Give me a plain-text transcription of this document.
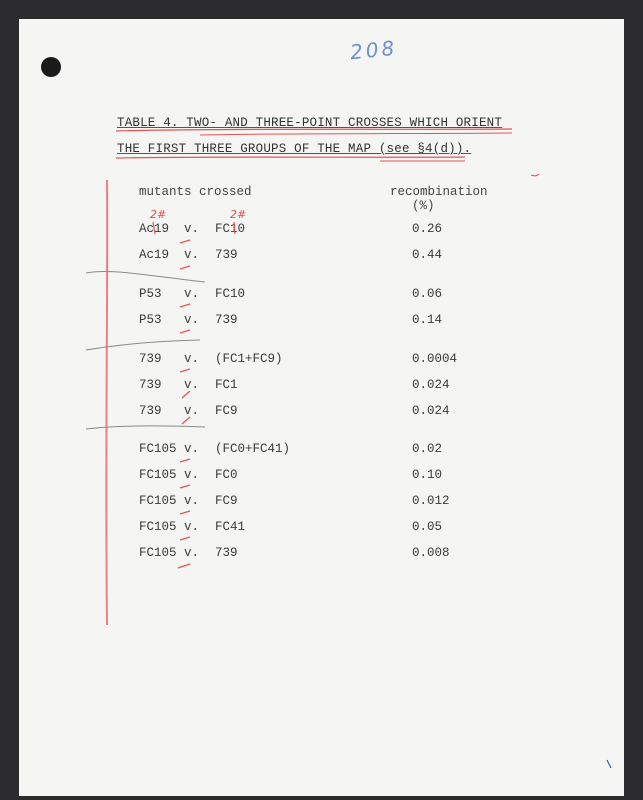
208
TABLE 4. TWO- AND THREE-POINT CROSSES WHICH ORIENT
THE FIRST THREE GROUPS OF THE MAP (see §4(d)).
mutants crossed	recombination
(%)
2#	2#
Ac19 v. FC10	0.26
Ac19 v. 739	0.44
P53 v. FC10	0.06
P53 v. 739	0.14
739 v. (FC1+FC9)	0.0004
739 v. FC1	0.024
739 v. FC9	0.024
FC105 v. (FC0+FC41)	0.02
FC105 v. FC0	0.10
FC105 v. FC9	0.012
FC105 v. FC41	0.05
FC105 v. 739	0.008
